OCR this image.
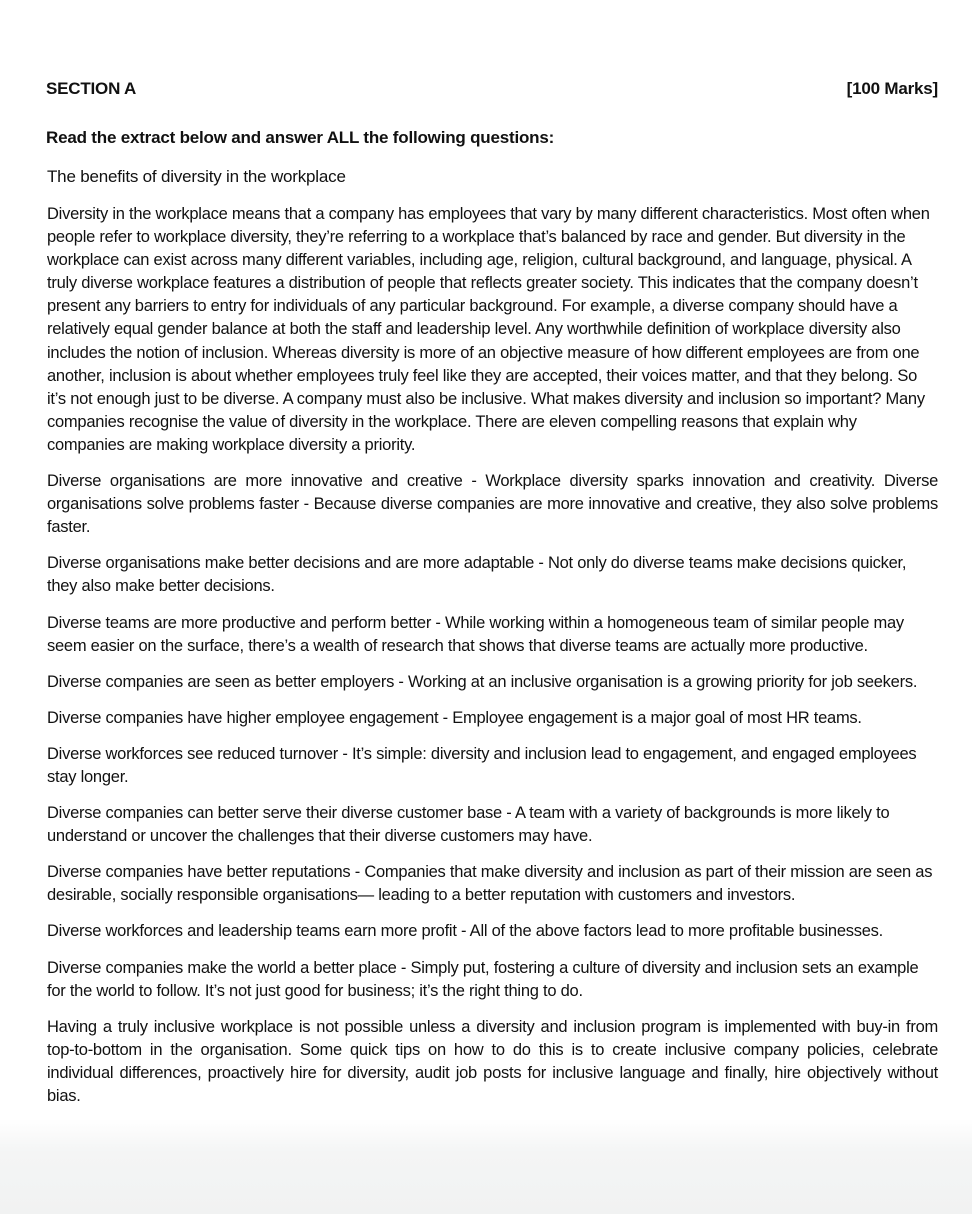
SECTION A	[100 Marks]
Read the extract below and answer ALL the following questions:
The benefits of diversity in the workplace

Diversity in the workplace means that a company has employees that vary by many different characteristics. Most often when people refer to workplace diversity, they’re referring to a workplace that’s balanced by race and gender. But diversity in the workplace can exist across many different variables, including age, religion, cultural background, and language, physical. A truly diverse workplace features a distribution of people that reflects greater society. This indicates that the company doesn’t present any barriers to entry for individuals of any particular background. For example, a diverse company should have a relatively equal gender balance at both the staff and leadership level. Any worthwhile definition of workplace diversity also includes the notion of inclusion. Whereas diversity is more of an objective measure of how different employees are from one another, inclusion is about whether employees truly feel like they are accepted, their voices matter, and that they belong. So it’s not enough just to be diverse. A company must also be inclusive. What makes diversity and inclusion so important? Many companies recognise the value of diversity in the workplace. There are eleven compelling reasons that explain why companies are making workplace diversity a priority.

Diverse organisations are more innovative and creative - Workplace diversity sparks innovation and creativity. Diverse organisations solve problems faster - Because diverse companies are more innovative and creative, they also solve problems faster.

Diverse organisations make better decisions and are more adaptable - Not only do diverse teams make decisions quicker, they also make better decisions.

Diverse teams are more productive and perform better - While working within a homogeneous team of similar people may seem easier on the surface, there’s a wealth of research that shows that diverse teams are actually more productive.

Diverse companies are seen as better employers - Working at an inclusive organisation is a growing priority for job seekers.

Diverse companies have higher employee engagement - Employee engagement is a major goal of most HR teams.

Diverse workforces see reduced turnover - It’s simple: diversity and inclusion lead to engagement, and engaged employees stay longer.

Diverse companies can better serve their diverse customer base - A team with a variety of backgrounds is more likely to understand or uncover the challenges that their diverse customers may have.

Diverse companies have better reputations - Companies that make diversity and inclusion as part of their mission are seen as desirable, socially responsible organisations— leading to a better reputation with customers and investors.

Diverse workforces and leadership teams earn more profit - All of the above factors lead to more profitable businesses.

Diverse companies make the world a better place - Simply put, fostering a culture of diversity and inclusion sets an example for the world to follow. It’s not just good for business; it’s the right thing to do.

Having a truly inclusive workplace is not possible unless a diversity and inclusion program is implemented with buy-in from top-to-bottom in the organisation. Some quick tips on how to do this is to create inclusive company policies, celebrate individual differences, proactively hire for diversity, audit job posts for inclusive language and finally, hire objectively without bias.
